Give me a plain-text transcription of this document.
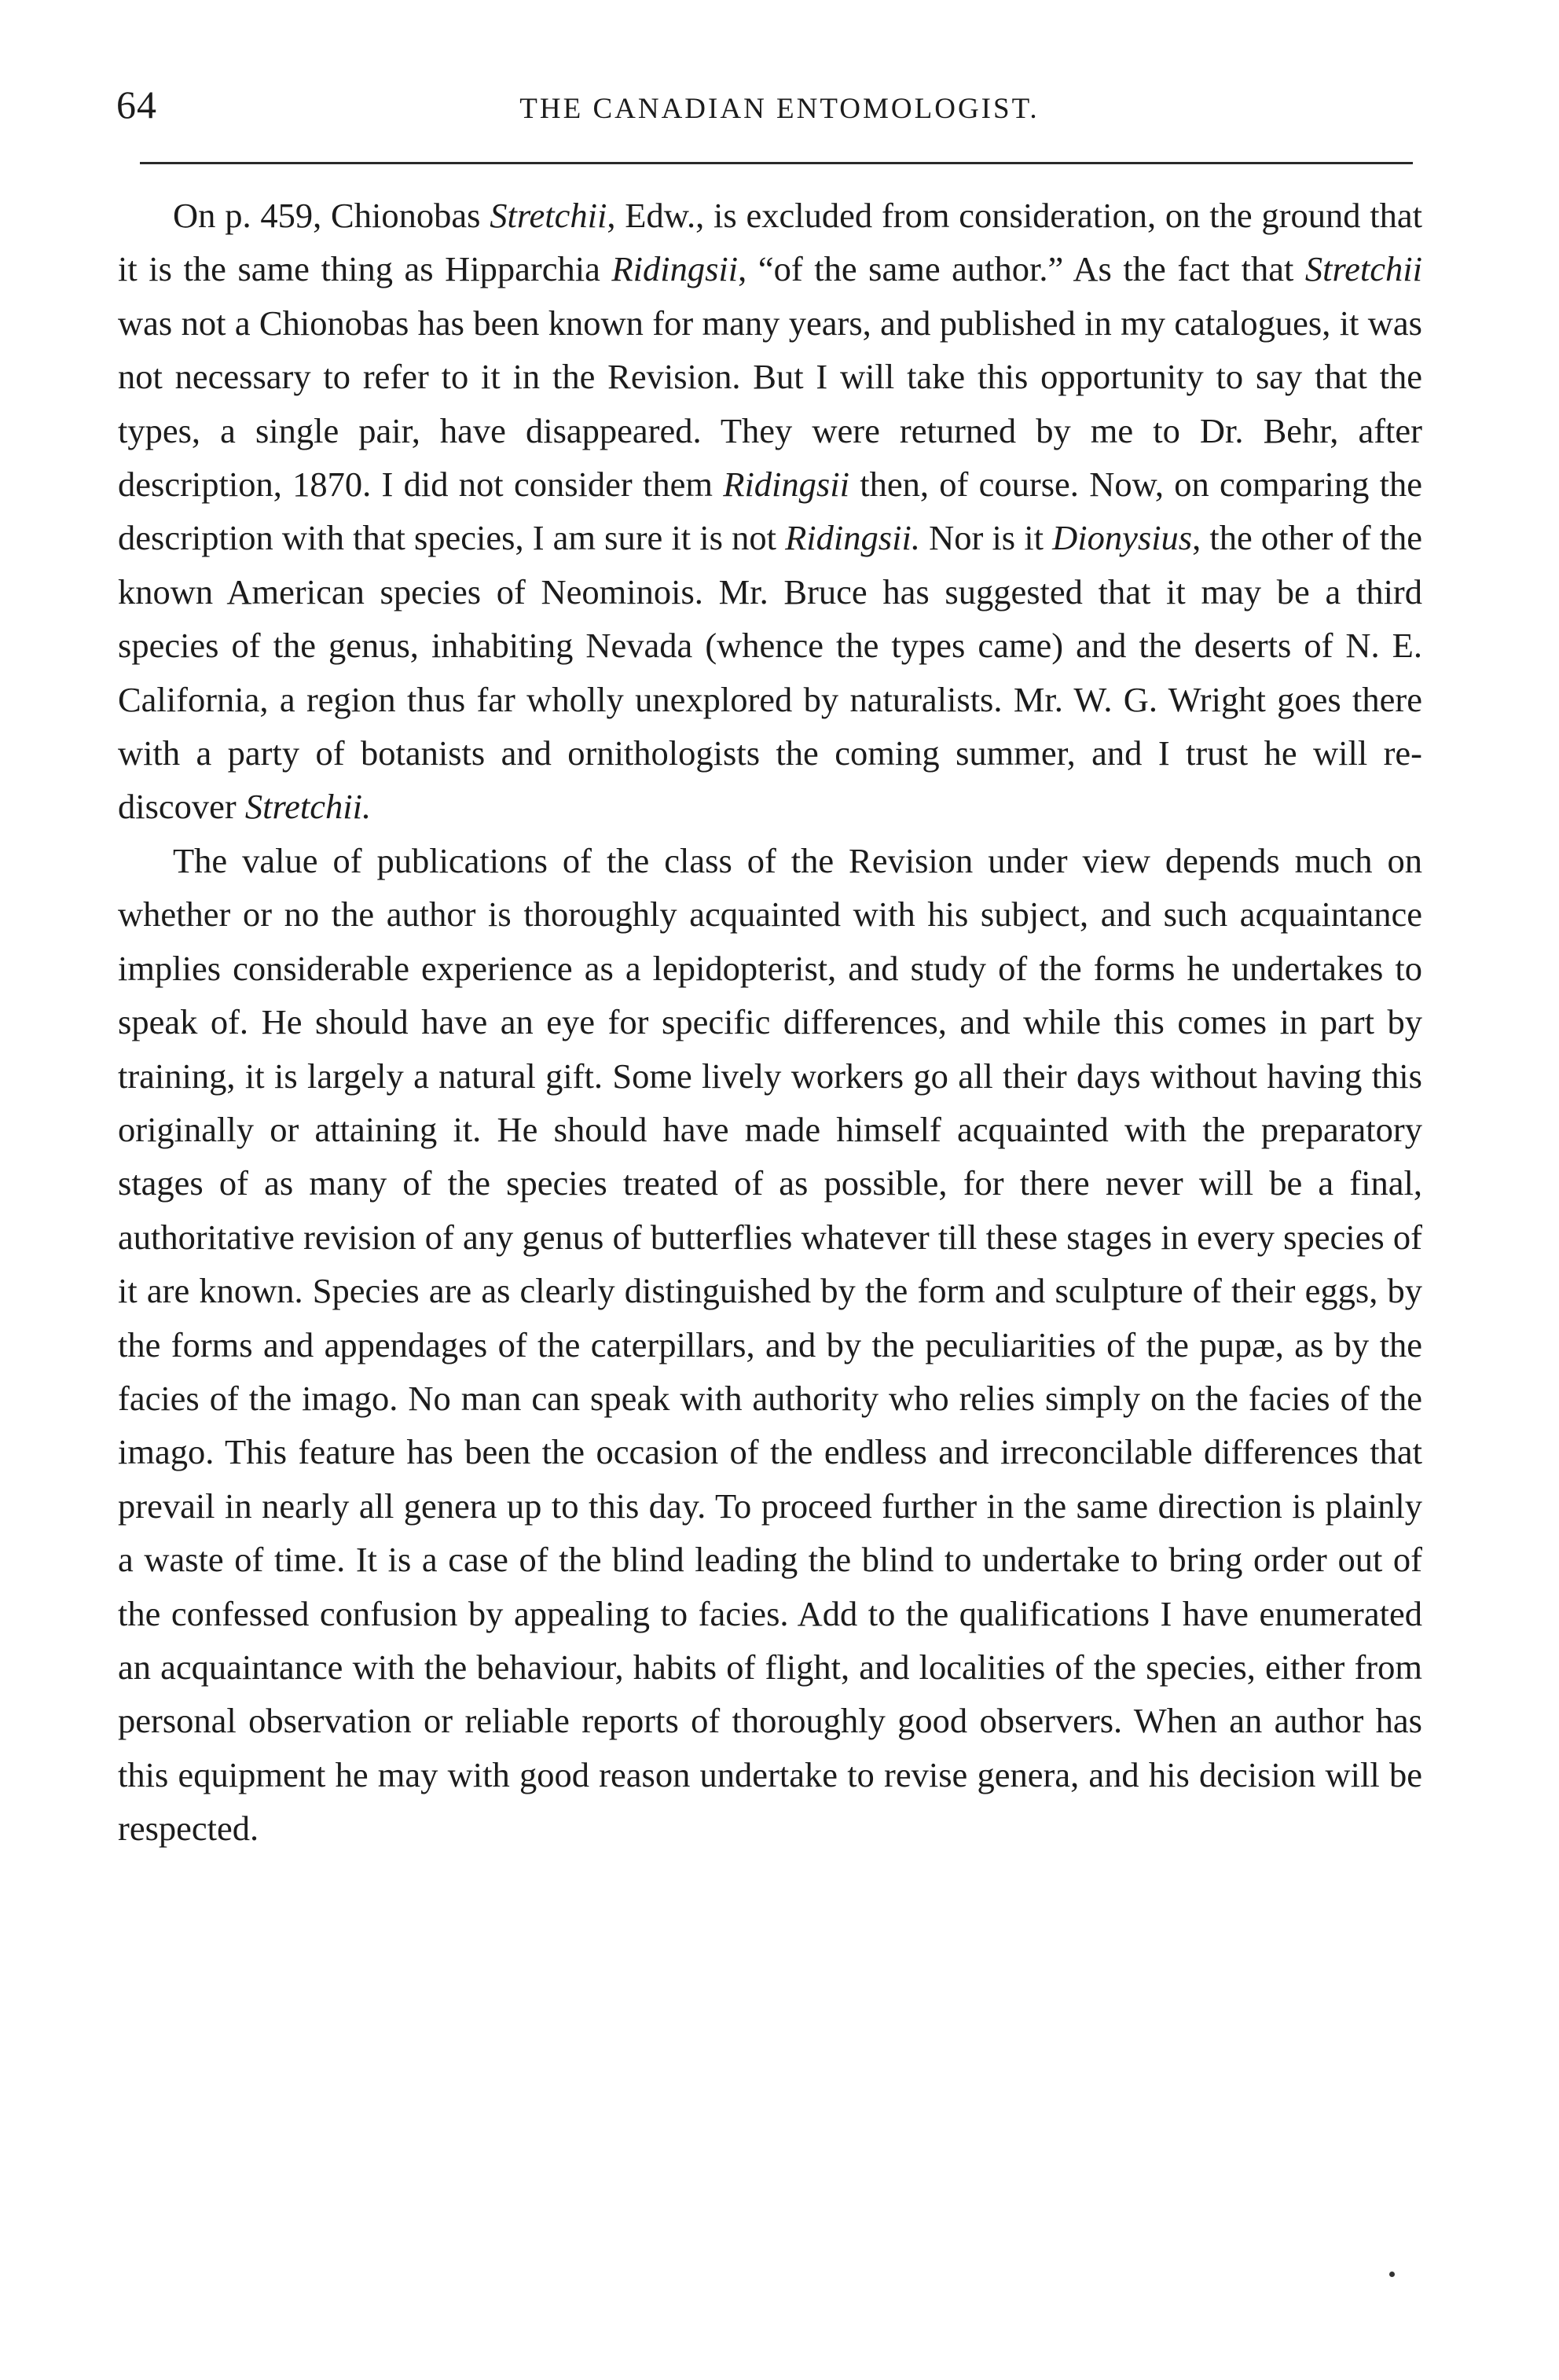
64	THE CANADIAN ENTOMOLOGIST.

On p. 459, Chionobas Stretchii, Edw., is excluded from consideration, on the ground that it is the same thing as Hipparchia Ridingsii, “of the same author.” As the fact that Stretchii was not a Chionobas has been known for many years, and published in my catalogues, it was not necessary to refer to it in the Revision. But I will take this opportunity to say that the types, a single pair, have disappeared. They were returned by me to Dr. Behr, after description, 1870. I did not consider them Ridingsii then, of course. Now, on comparing the description with that species, I am sure it is not Ridingsii. Nor is it Dionysius, the other of the known American species of Neominois. Mr. Bruce has suggested that it may be a third species of the genus, inhabiting Nevada (whence the types came) and the deserts of N. E. California, a region thus far wholly unexplored by naturalists. Mr. W. G. Wright goes there with a party of botanists and ornithologists the coming summer, and I trust he will re-discover Stretchii.

The value of publications of the class of the Revision under view depends much on whether or no the author is thoroughly acquainted with his subject, and such acquaintance implies considerable experience as a lepidopterist, and study of the forms he undertakes to speak of. He should have an eye for specific differences, and while this comes in part by training, it is largely a natural gift. Some lively workers go all their days without having this originally or attaining it. He should have made himself acquainted with the preparatory stages of as many of the species treated of as possible, for there never will be a final, authoritative revision of any genus of butterflies whatever till these stages in every species of it are known. Species are as clearly distinguished by the form and sculpture of their eggs, by the forms and appendages of the caterpillars, and by the peculiarities of the pupæ, as by the facies of the imago. No man can speak with authority who relies simply on the facies of the imago. This feature has been the occasion of the endless and irreconcilable differences that prevail in nearly all genera up to this day. To proceed further in the same direction is plainly a waste of time. It is a case of the blind leading the blind to undertake to bring order out of the confessed confusion by appealing to facies. Add to the qualifications I have enumerated an acquaintance with the behaviour, habits of flight, and localities of the species, either from personal observation or reliable reports of thoroughly good observers. When an author has this equipment he may with good reason undertake to revise genera, and his decision will be respected.
